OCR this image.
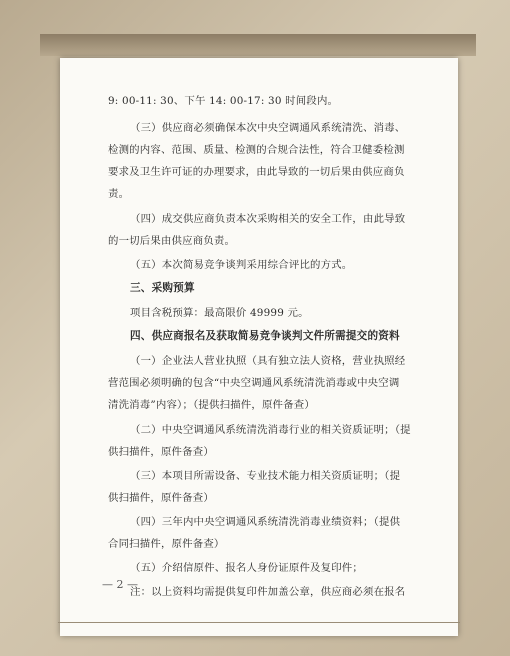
9: 00-11: 30、下午 14: 00-17: 30 时间段内。
（三）供应商必须确保本次中央空调通风系统清洗、消毒、
检测的内容、范围、质量、检测的合规合法性，符合卫健委检测
要求及卫生许可证的办理要求，由此导致的一切后果由供应商负
责。
（四）成交供应商负责本次采购相关的安全工作，由此导致
的一切后果由供应商负责。
（五）本次简易竞争谈判采用综合评比的方式。
三、采购预算
项目含税预算：最高限价 49999 元。
四、供应商报名及获取简易竞争谈判文件所需提交的资料
（一）企业法人营业执照（具有独立法人资格，营业执照经
营范围必须明确的包含“中央空调通风系统清洗消毒或中央空调
清洗消毒”内容）；（提供扫描件，原件备查）
（二）中央空调通风系统清洗消毒行业的相关资质证明；（提
供扫描件，原件备查）
（三）本项目所需设备、专业技术能力相关资质证明；（提
供扫描件，原件备查）
（四）三年内中央空调通风系统清洗消毒业绩资料；（提供
合同扫描件，原件备查）
（五）介绍信原件、报名人身份证原件及复印件；
注：以上资料均需提供复印件加盖公章，供应商必须在报名
— 2 —
